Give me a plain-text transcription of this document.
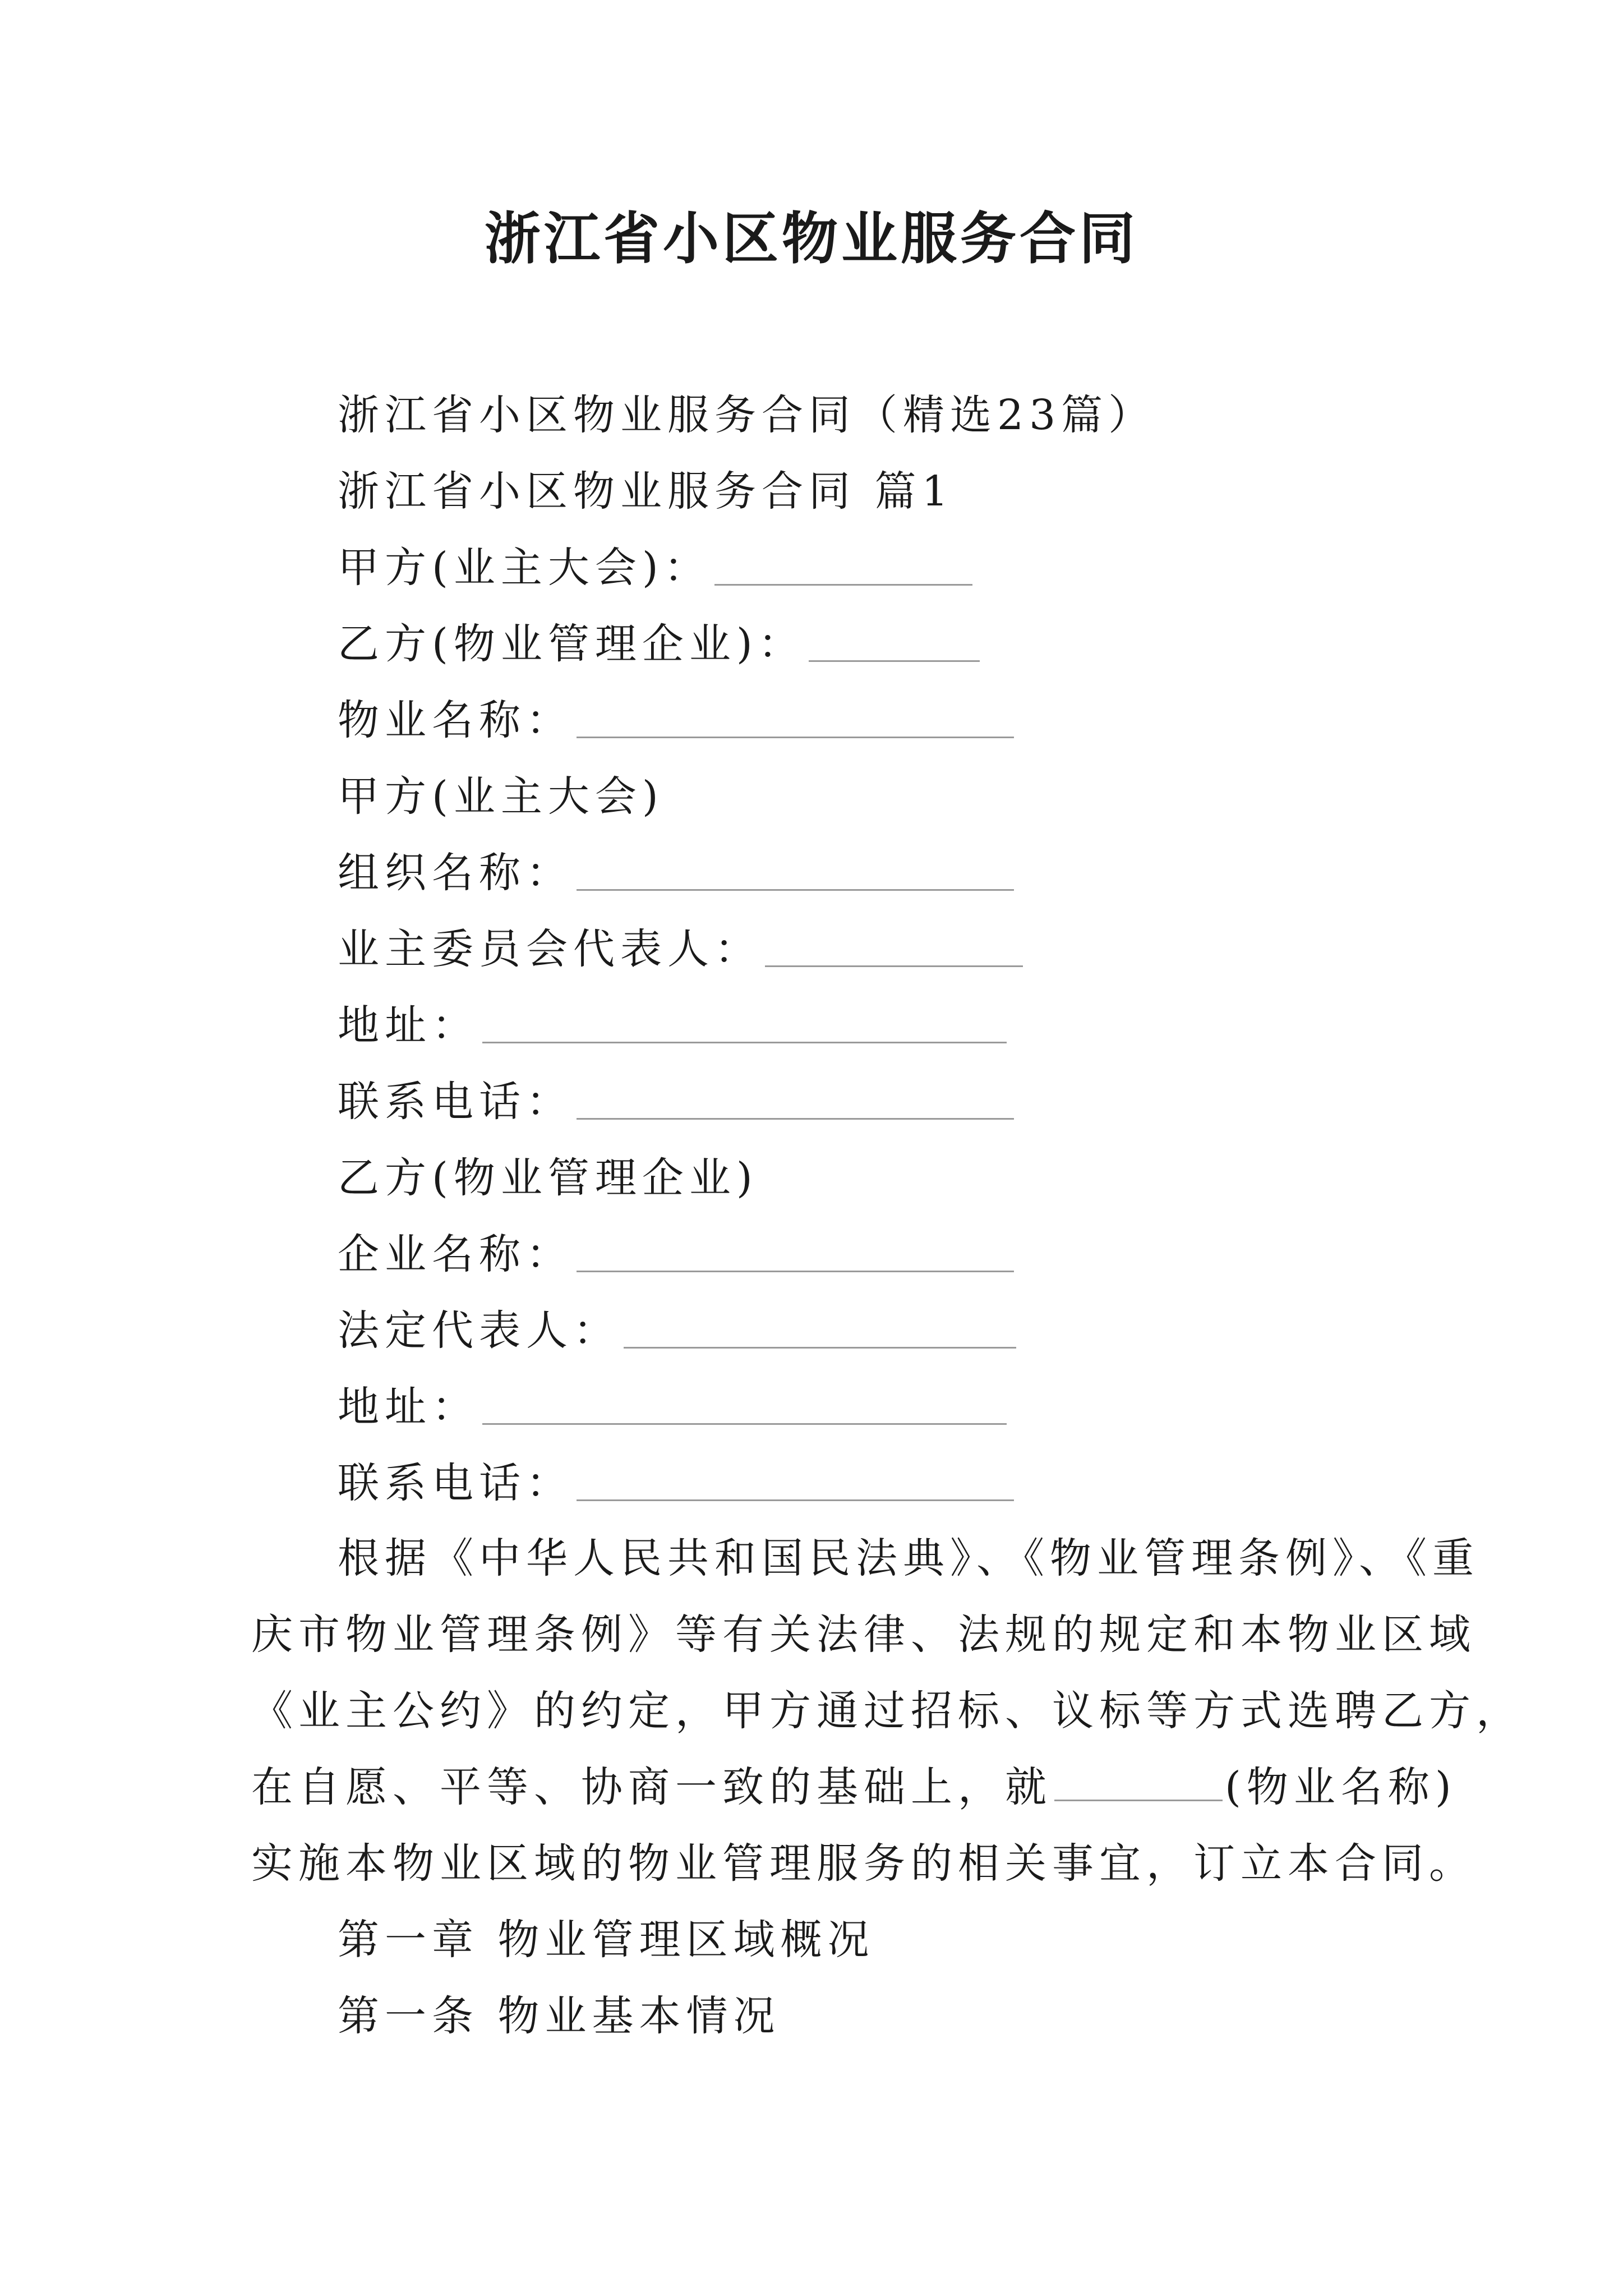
浙江省小区物业服务合同
浙江省小区物业服务合同（精选23篇）
浙江省小区物业服务合同 篇1
甲方(业主大会)：
乙方(物业管理企业)：
物业名称：
甲方(业主大会)
组织名称：
业主委员会代表人：
地址：
联系电话：
乙方(物业管理企业)
企业名称：
法定代表人：
地址：
联系电话：
根据《中华人民共和国民法典》、《物业管理条例》、《重
庆市物业管理条例》等有关法律、法规的规定和本物业区域
《业主公约》的约定，甲方通过招标、议标等方式选聘乙方，
在自愿、平等、协商一致的基础上，就	(物业名称)
实施本物业区域的物业管理服务的相关事宜，订立本合同。
第一章 物业管理区域概况
第一条 物业基本情况
